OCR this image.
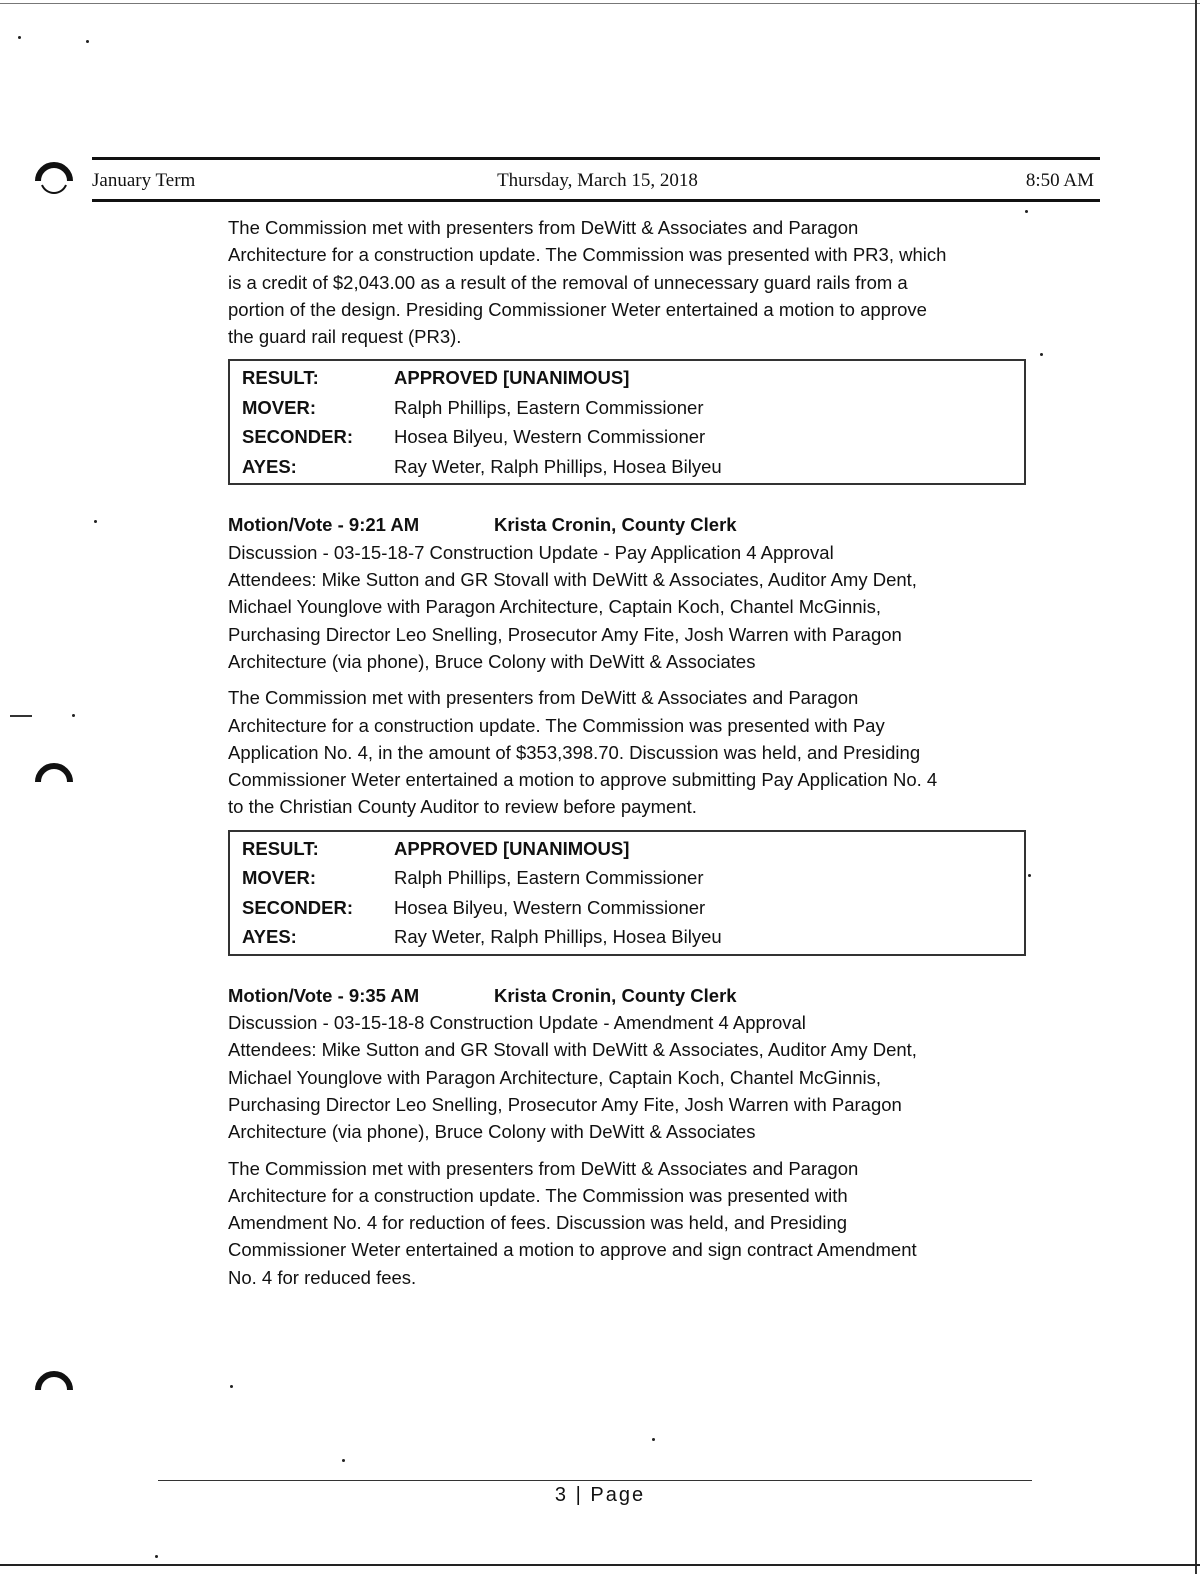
January Term	Thursday, March 15, 2018	8:50 AM

The Commission met with presenters from DeWitt & Associates and Paragon
Architecture for a construction update. The Commission was presented with PR3, which
is a credit of $2,043.00 as a result of the removal of unnecessary guard rails from a
portion of the design. Presiding Commissioner Weter entertained a motion to approve
the guard rail request (PR3).

RESULT:	APPROVED [UNANIMOUS]
MOVER:	Ralph Phillips, Eastern Commissioner
SECONDER:	Hosea Bilyeu, Western Commissioner
AYES:	Ray Weter, Ralph Phillips, Hosea Bilyeu
Motion/Vote - 9:21 AM	Krista Cronin, County Clerk
Discussion - 03-15-18-7 Construction Update - Pay Application 4 Approval

Attendees: Mike Sutton and GR Stovall with DeWitt & Associates, Auditor Amy Dent,
Michael Younglove with Paragon Architecture, Captain Koch, Chantel McGinnis,
Purchasing Director Leo Snelling, Prosecutor Amy Fite, Josh Warren with Paragon
Architecture (via phone), Bruce Colony with DeWitt & Associates

The Commission met with presenters from DeWitt & Associates and Paragon
Architecture for a construction update. The Commission was presented with Pay
Application No. 4, in the amount of $353,398.70. Discussion was held, and Presiding
Commissioner Weter entertained a motion to approve submitting Pay Application No. 4
to the Christian County Auditor to review before payment.

RESULT:	APPROVED [UNANIMOUS]
MOVER:	Ralph Phillips, Eastern Commissioner
SECONDER:	Hosea Bilyeu, Western Commissioner
AYES:	Ray Weter, Ralph Phillips, Hosea Bilyeu
Motion/Vote - 9:35 AM	Krista Cronin, County Clerk
Discussion - 03-15-18-8 Construction Update - Amendment 4 Approval

Attendees: Mike Sutton and GR Stovall with DeWitt & Associates, Auditor Amy Dent,
Michael Younglove with Paragon Architecture, Captain Koch, Chantel McGinnis,
Purchasing Director Leo Snelling, Prosecutor Amy Fite, Josh Warren with Paragon
Architecture (via phone), Bruce Colony with DeWitt & Associates

The Commission met with presenters from DeWitt & Associates and Paragon
Architecture for a construction update. The Commission was presented with
Amendment No. 4 for reduction of fees. Discussion was held, and Presiding
Commissioner Weter entertained a motion to approve and sign contract Amendment
No. 4 for reduced fees.

3 | Page
